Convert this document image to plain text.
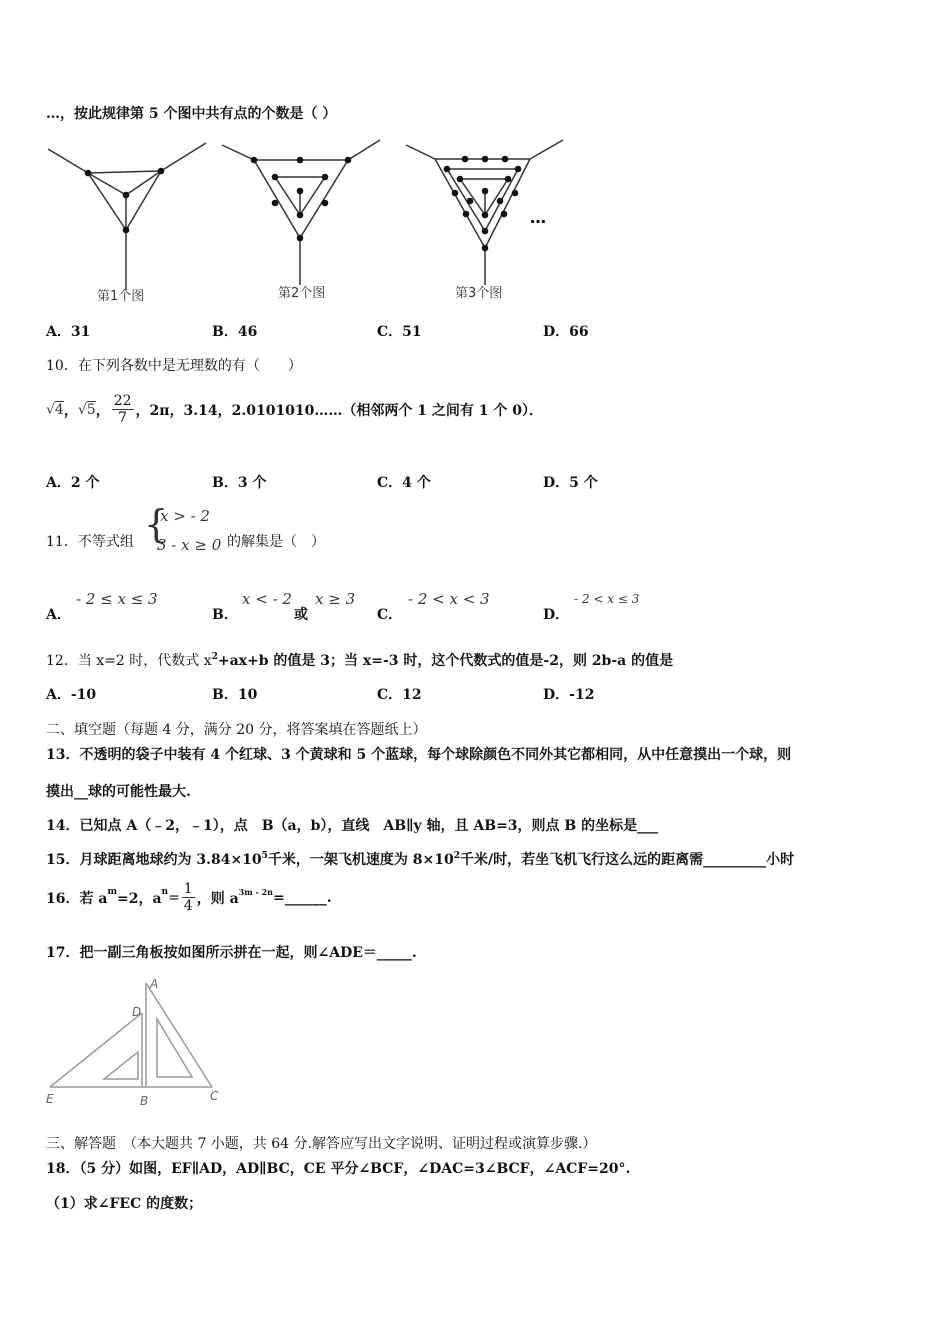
…，按此规律第 5 个图中共有点的个数是（ ）
第1个图	第2个图	第3个图
…
A．31	B．46	C．51	D．66
10．在下列各数中是无理数的有（　　）
√4 ， √5 ， $\frac{22}{7}$ ，2π，3.14，2.0101010……（相邻两个 1 之间有 1 个 0）．
A．2 个	B．3 个	C．4 个	D．5 个
11．不等式组 {
x > - 2
3 - x ≥ 0 的解集是（　）
A．
- 2 ≤ x ≤ 3
B．
x < - 2
或
x ≥ 3
C．
- 2 < x < 3
D．
- 2 < x ≤ 3
12．当 x=2 时，代数式 $x^2+ax+b$ 的值是 3；当 x=-3 时，这个代数式的值是-2，则 2b-a 的值是
A．-10	B．10	C．12	D．-12
二、填空题（每题 4 分，满分 20 分，将答案填在答题纸上）
13．不透明的袋子中装有 4 个红球、3 个黄球和 5 个蓝球，每个球除颜色不同外其它都相同，从中任意摸出一个球，则
摸出__球的可能性最大.
14．已知点 A（﹣2，﹣1），点　B（a，b），直线　AB∥y 轴，且 AB=3，则点 B 的坐标是___
15．月球距离地球约为 $3.84\times 10^5$千米，一架飞机速度为 $8\times 10^2$千米/时，若坐飞机飞行这么远的距离需_________小时
16．若 a m =2，a $n = \frac{1}{4}$ ，则 a 3m - 2n =______.
17．把一副三角板按如图所示拼在一起，则∠ADE＝_____.
A
D
E	B	C
三、解答题　（本大题共 7 小题，共 64 分.解答应写出文字说明、证明过程或演算步骤.）
18．（5 分）如图，EF∥AD，AD∥BC，CE 平分∠BCF，∠DAC=3∠BCF，∠ACF=20°.
（1）求∠FEC 的度数；
